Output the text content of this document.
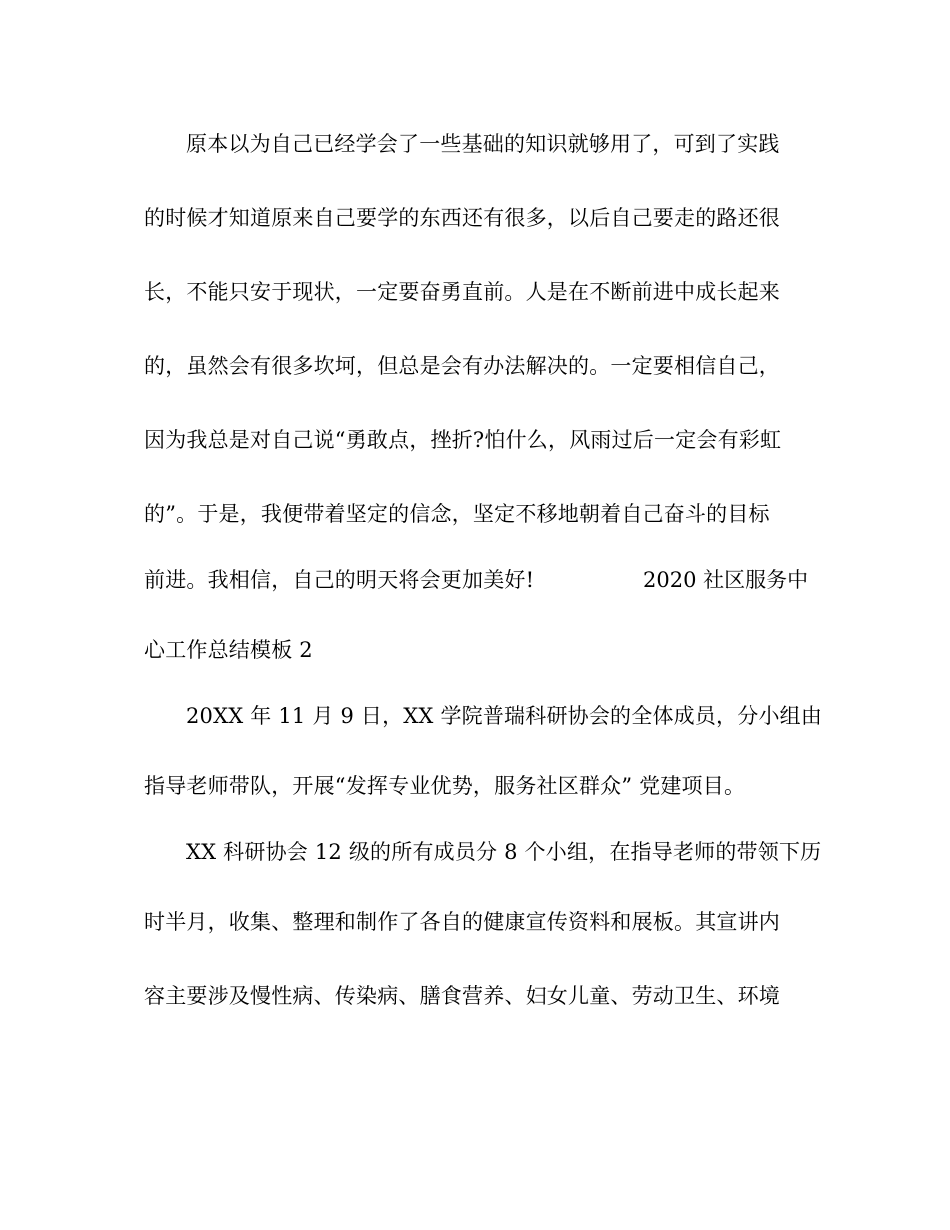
原本以为自己已经学会了一些基础的知识就够用了，可到了实践
的时候才知道原来自己要学的东西还有很多，以后自己要走的路还很
长，不能只安于现状，一定要奋勇直前。人是在不断前进中成长起来
的，虽然会有很多坎坷，但总是会有办法解决的。一定要相信自己，
因为我总是对自己说“勇敢点，挫折?怕什么，风雨过后一定会有彩虹
的”。于是，我便带着坚定的信念，坚定不移地朝着自己奋斗的目标
前进。我相信，自己的明天将会更加美好!	2020 社区服务中
心工作总结模板 2
20XX 年 11 月 9 日，XX 学院普瑞科研协会的全体成员，分小组由
指导老师带队，开展“发挥专业优势，服务社区群众” 党建项目。
XX 科研协会 12 级的所有成员分 8 个小组，在指导老师的带领下历
时半月，收集、整理和制作了各自的健康宣传资料和展板。其宣讲内
容主要涉及慢性病、传染病、膳食营养、妇女儿童、劳动卫生、环境
